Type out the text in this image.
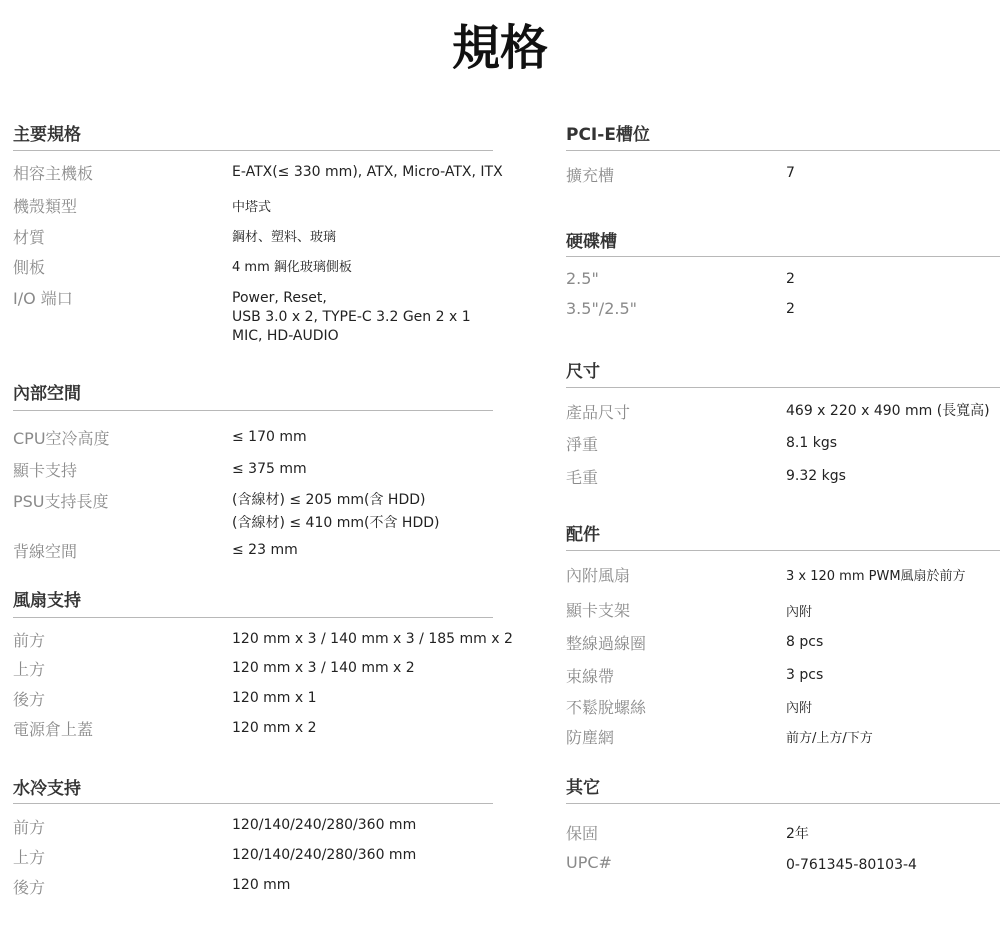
規格
主要規格
相容主機板	E-ATX(≤ 330 mm), ATX, Micro-ATX, ITX
機殼類型	中塔式
材質	鋼材、塑料、玻璃
側板	4 mm 鋼化玻璃側板
I/O 端口	Power, Reset,
USB 3.0 x 2, TYPE-C 3.2 Gen 2 x 1
MIC, HD-AUDIO
內部空間
CPU空冷高度	≤ 170 mm
顯卡支持	≤ 375 mm
PSU支持長度	(含線材) ≤ 205 mm(含 HDD)
(含線材) ≤ 410 mm(不含 HDD)
背線空間	≤ 23 mm
風扇支持
前方	120 mm x 3 / 140 mm x 3 / 185 mm x 2
上方	120 mm x 3 / 140 mm x 2
後方	120 mm x 1
電源倉上蓋	120 mm x 2
水冷支持
前方	120/140/240/280/360 mm
上方	120/140/240/280/360 mm
後方	120 mm
PCI-E槽位
擴充槽	7
硬碟槽
2.5"	2
3.5"/2.5"	2
尺寸
產品尺寸	469 x 220 x 490 mm (長寬高)
淨重	8.1 kgs
毛重	9.32 kgs
配件
內附風扇	3 x 120 mm PWM風扇於前方
顯卡支架	內附
整線過線圈	8 pcs
束線帶	3 pcs
不鬆脫螺絲	內附
防塵網	前方/上方/下方
其它
保固	2年
UPC#	0-761345-80103-4
